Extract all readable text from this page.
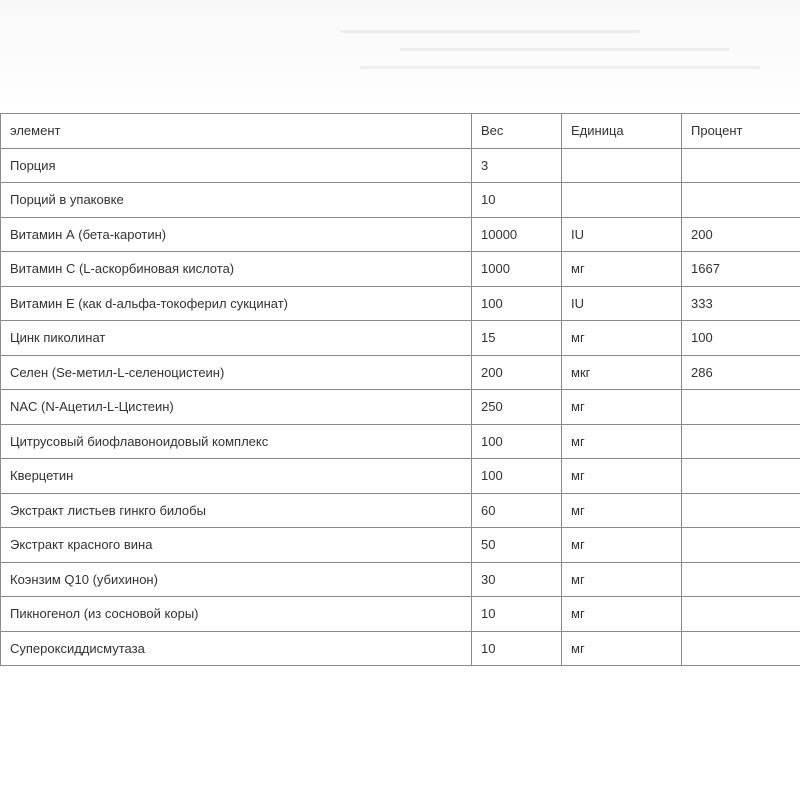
элемент	Вес	Единица	Процент
Порция	3		
Порций в упаковке	10		
Витамин А (бета-каротин)	10000	IU	200
Витамин С (L-аскорбиновая кислота)	1000	мг	1667
Витамин Е (как d-альфа-токоферил сукцинат)	100	IU	333
Цинк пиколинат	15	мг	100
Селен (Se-метил-L-селеноцистеин)	200	мкг	286
NAC (N-Ацетил-L-Цистеин)	250	мг	
Цитрусовый биофлавоноидовый комплекс	100	мг	
Кверцетин	100	мг	
Экстракт листьев гинкго билобы	60	мг	
Экстракт красного вина	50	мг	
Коэнзим Q10 (убихинон)	30	мг	
Пикногенол (из сосновой коры)	10	мг	
Супероксиддисмутаза	10	мг	
